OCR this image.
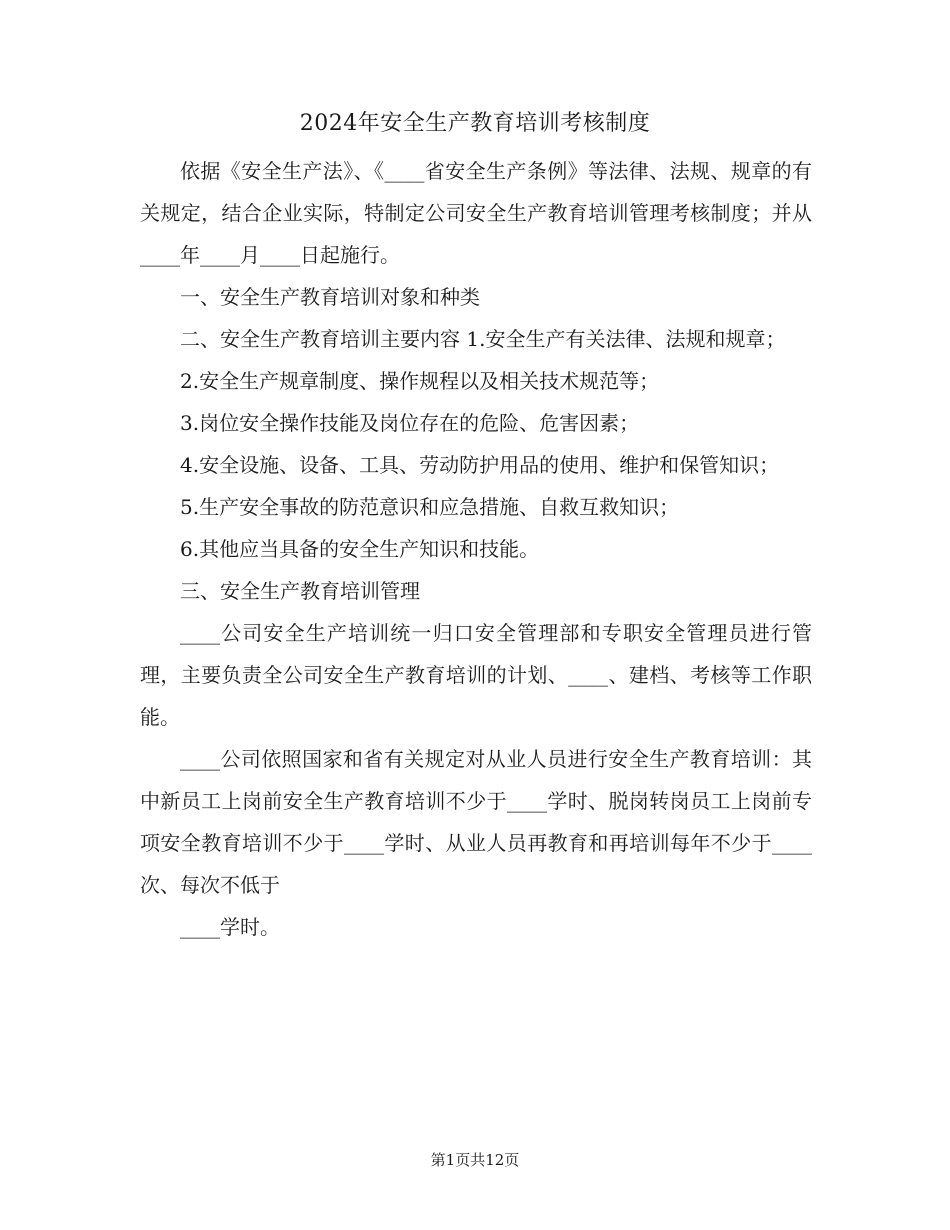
2024年安全生产教育培训考核制度

依据《安全生产法》、《____省安全生产条例》等法律、法规、规章的有关规定，结合企业实际，特制定公司安全生产教育培训管理考核制度；并从____年____月____日起施行。

一、安全生产教育培训对象和种类

二、安全生产教育培训主要内容 1.安全生产有关法律、法规和规章；

2.安全生产规章制度、操作规程以及相关技术规范等；

3.岗位安全操作技能及岗位存在的危险、危害因素；

4.安全设施、设备、工具、劳动防护用品的使用、维护和保管知识；

5.生产安全事故的防范意识和应急措施、自救互救知识；

6.其他应当具备的安全生产知识和技能。

三、安全生产教育培训管理

____公司安全生产培训统一归口安全管理部和专职安全管理员进行管理，主要负责全公司安全生产教育培训的计划、____、建档、考核等工作职能。

____公司依照国家和省有关规定对从业人员进行安全生产教育培训：其中新员工上岗前安全生产教育培训不少于____学时、脱岗转岗员工上岗前专项安全教育培训不少于____学时、从业人员再教育和再培训每年不少于____次、每次不低于

____学时。

第1页共12页
